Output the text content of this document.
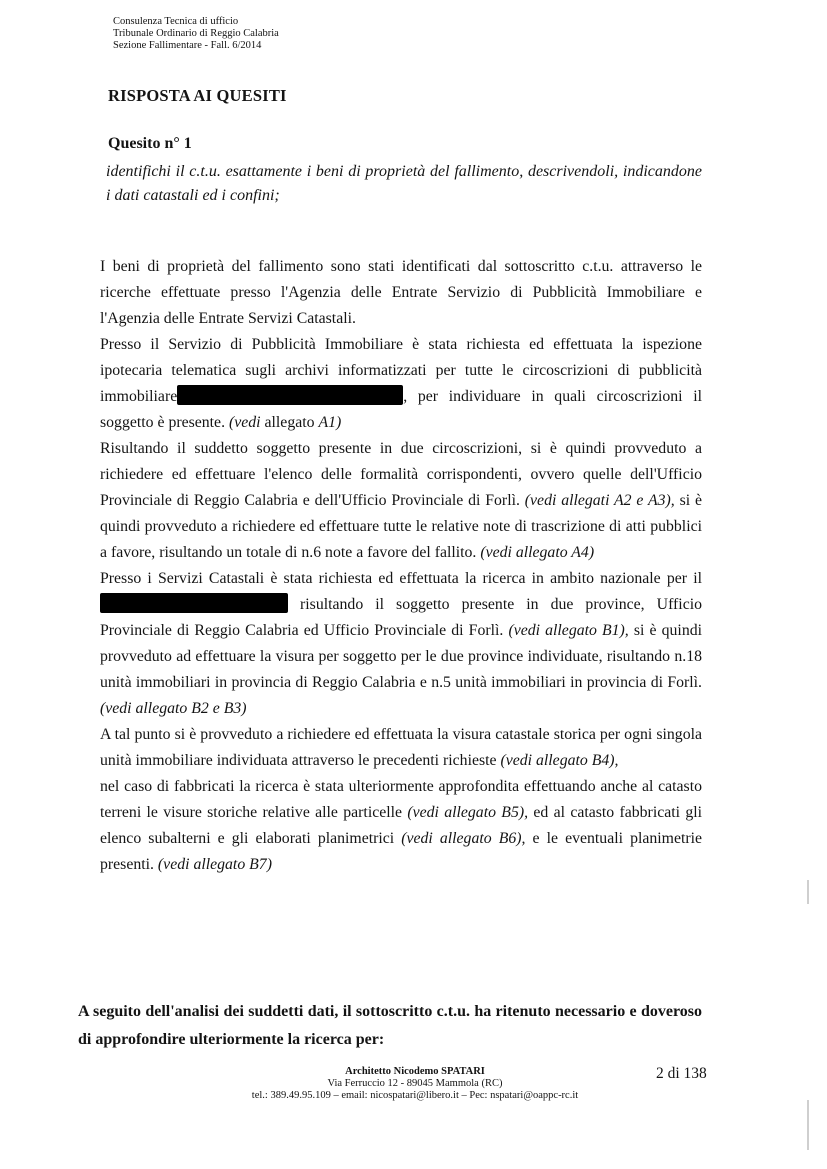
Consulenza Tecnica di ufficio
Tribunale Ordinario di Reggio Calabria
Sezione Fallimentare - Fall. 6/2014
RISPOSTA AI QUESITI
Quesito n° 1
identifichi il c.t.u. esattamente i beni di proprietà del fallimento, descrivendoli, indicandone i dati catastali ed i confini;

I beni di proprietà del fallimento sono stati identificati dal sottoscritto c.t.u. attraverso le ricerche effettuate presso l'Agenzia delle Entrate Servizio di Pubblicità Immobiliare e l'Agenzia delle Entrate Servizi Catastali.

Presso il Servizio di Pubblicità Immobiliare è stata richiesta ed effettuata la ispezione ipotecaria telematica sugli archivi informatizzati per tutte le circoscrizioni di pubblicità immobiliare	, per individuare in quali circoscrizioni il soggetto è presente. (vedi allegato A1)

Risultando il suddetto soggetto presente in due circoscrizioni, si è quindi provveduto a richiedere ed effettuare l'elenco delle formalità corrispondenti, ovvero quelle dell'Ufficio Provinciale di Reggio Calabria e dell'Ufficio Provinciale di Forlì. (vedi allegati A2 e A3), si è quindi provveduto a richiedere ed effettuare tutte le relative note di trascrizione di atti pubblici a favore, risultando un totale di n.6 note a favore del fallito. (vedi allegato A4)

Presso i Servizi Catastali è stata richiesta ed effettuata la ricerca in ambito nazionale per il risultando il soggetto presente in due province, Ufficio Provinciale di Reggio Calabria ed Ufficio Provinciale di Forlì. (vedi allegato B1), si è quindi provveduto ad effettuare la visura per soggetto per le due province individuate, risultando n.18 unità immobiliari in provincia di Reggio Calabria e n.5 unità immobiliari in provincia di Forlì. (vedi allegato B2 e B3)

A tal punto si è provveduto a richiedere ed effettuata la visura catastale storica per ogni singola unità immobiliare individuata attraverso le precedenti richieste (vedi allegato B4),

nel caso di fabbricati la ricerca è stata ulteriormente approfondita effettuando anche al catasto terreni le visure storiche relative alle particelle (vedi allegato B5), ed al catasto fabbricati gli elenco subalterni e gli elaborati planimetrici (vedi allegato B6), e le eventuali planimetrie presenti. (vedi allegato B7)

A seguito dell'analisi dei suddetti dati, il sottoscritto c.t.u. ha ritenuto necessario e doveroso di approfondire ulteriormente la ricerca per:
2 di 138
Architetto Nicodemo SPATARI
Via Ferruccio 12 - 89045 Mammola (RC)
tel.: 389.49.95.109 – email: nicospatari@libero.it – Pec: nspatari@oappc-rc.it
